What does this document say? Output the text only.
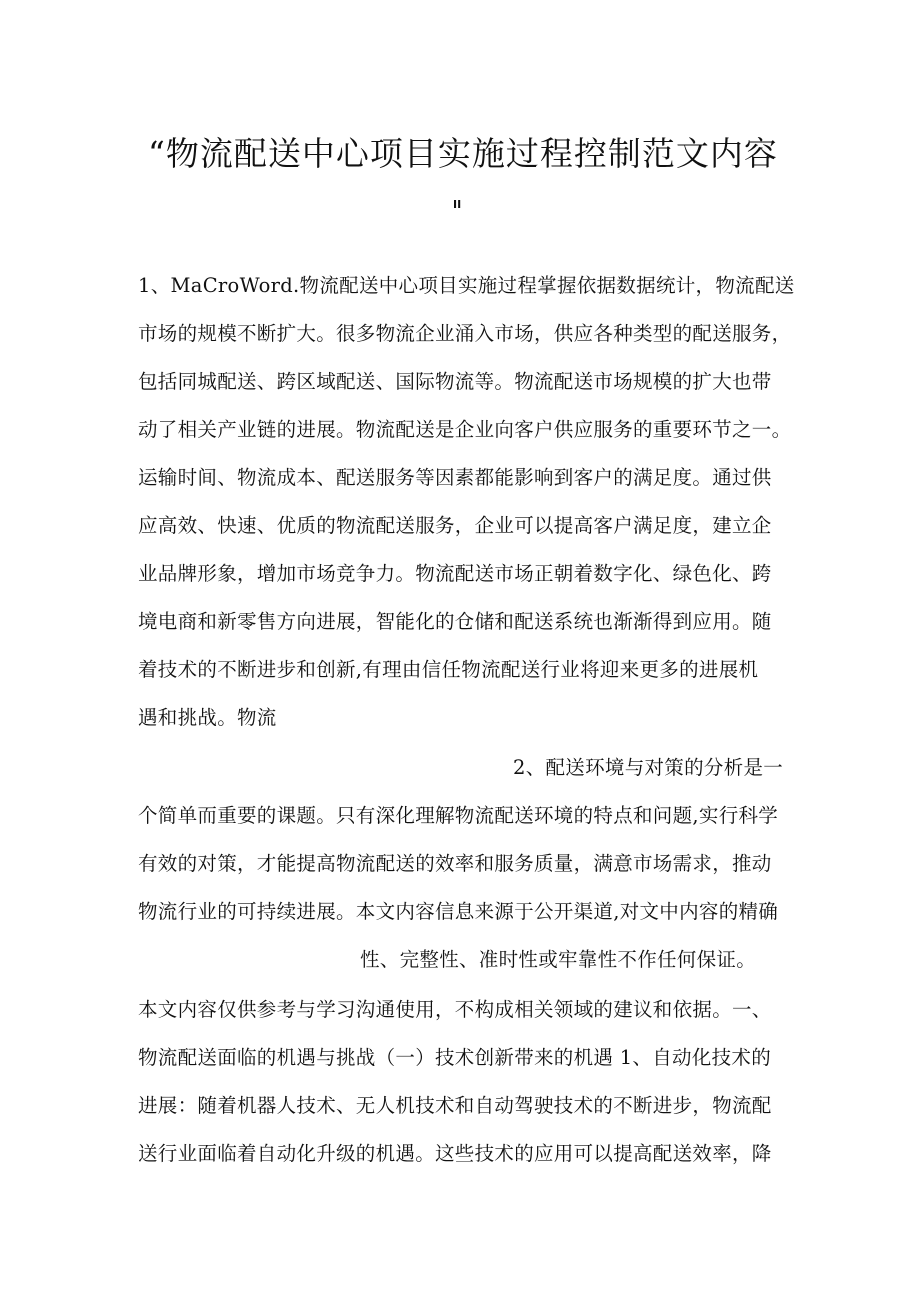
“物流配送中心项目实施过程控制范文内容
II
1、MaCroWord.物流配送中心项目实施过程掌握依据数据统计，物流配送
市场的规模不断扩大。很多物流企业涌入市场，供应各种类型的配送服务，
包括同城配送、跨区域配送、国际物流等。物流配送市场规模的扩大也带
动了相关产业链的进展。物流配送是企业向客户供应服务的重要环节之一。
运输时间、物流成本、配送服务等因素都能影响到客户的满足度。通过供
应高效、快速、优质的物流配送服务，企业可以提高客户满足度，建立企
业品牌形象，增加市场竞争力。物流配送市场正朝着数字化、绿色化、跨
境电商和新零售方向进展，智能化的仓储和配送系统也渐渐得到应用。随
着技术的不断进步和创新,有理由信任物流配送行业将迎来更多的进展机
遇和挑战。物流
2、配送环境与对策的分析是一
个简单而重要的课题。只有深化理解物流配送环境的特点和问题,实行科学
有效的对策，才能提高物流配送的效率和服务质量，满意市场需求，推动
物流行业的可持续进展。本文内容信息来源于公开渠道,对文中内容的精确
性、完整性、准时性或牢靠性不作任何保证。
本文内容仅供参考与学习沟通使用，不构成相关领域的建议和依据。一、
物流配送面临的机遇与挑战（一）技术创新带来的机遇 1、自动化技术的
进展：随着机器人技术、无人机技术和自动驾驶技术的不断进步，物流配
送行业面临着自动化升级的机遇。这些技术的应用可以提高配送效率，降
